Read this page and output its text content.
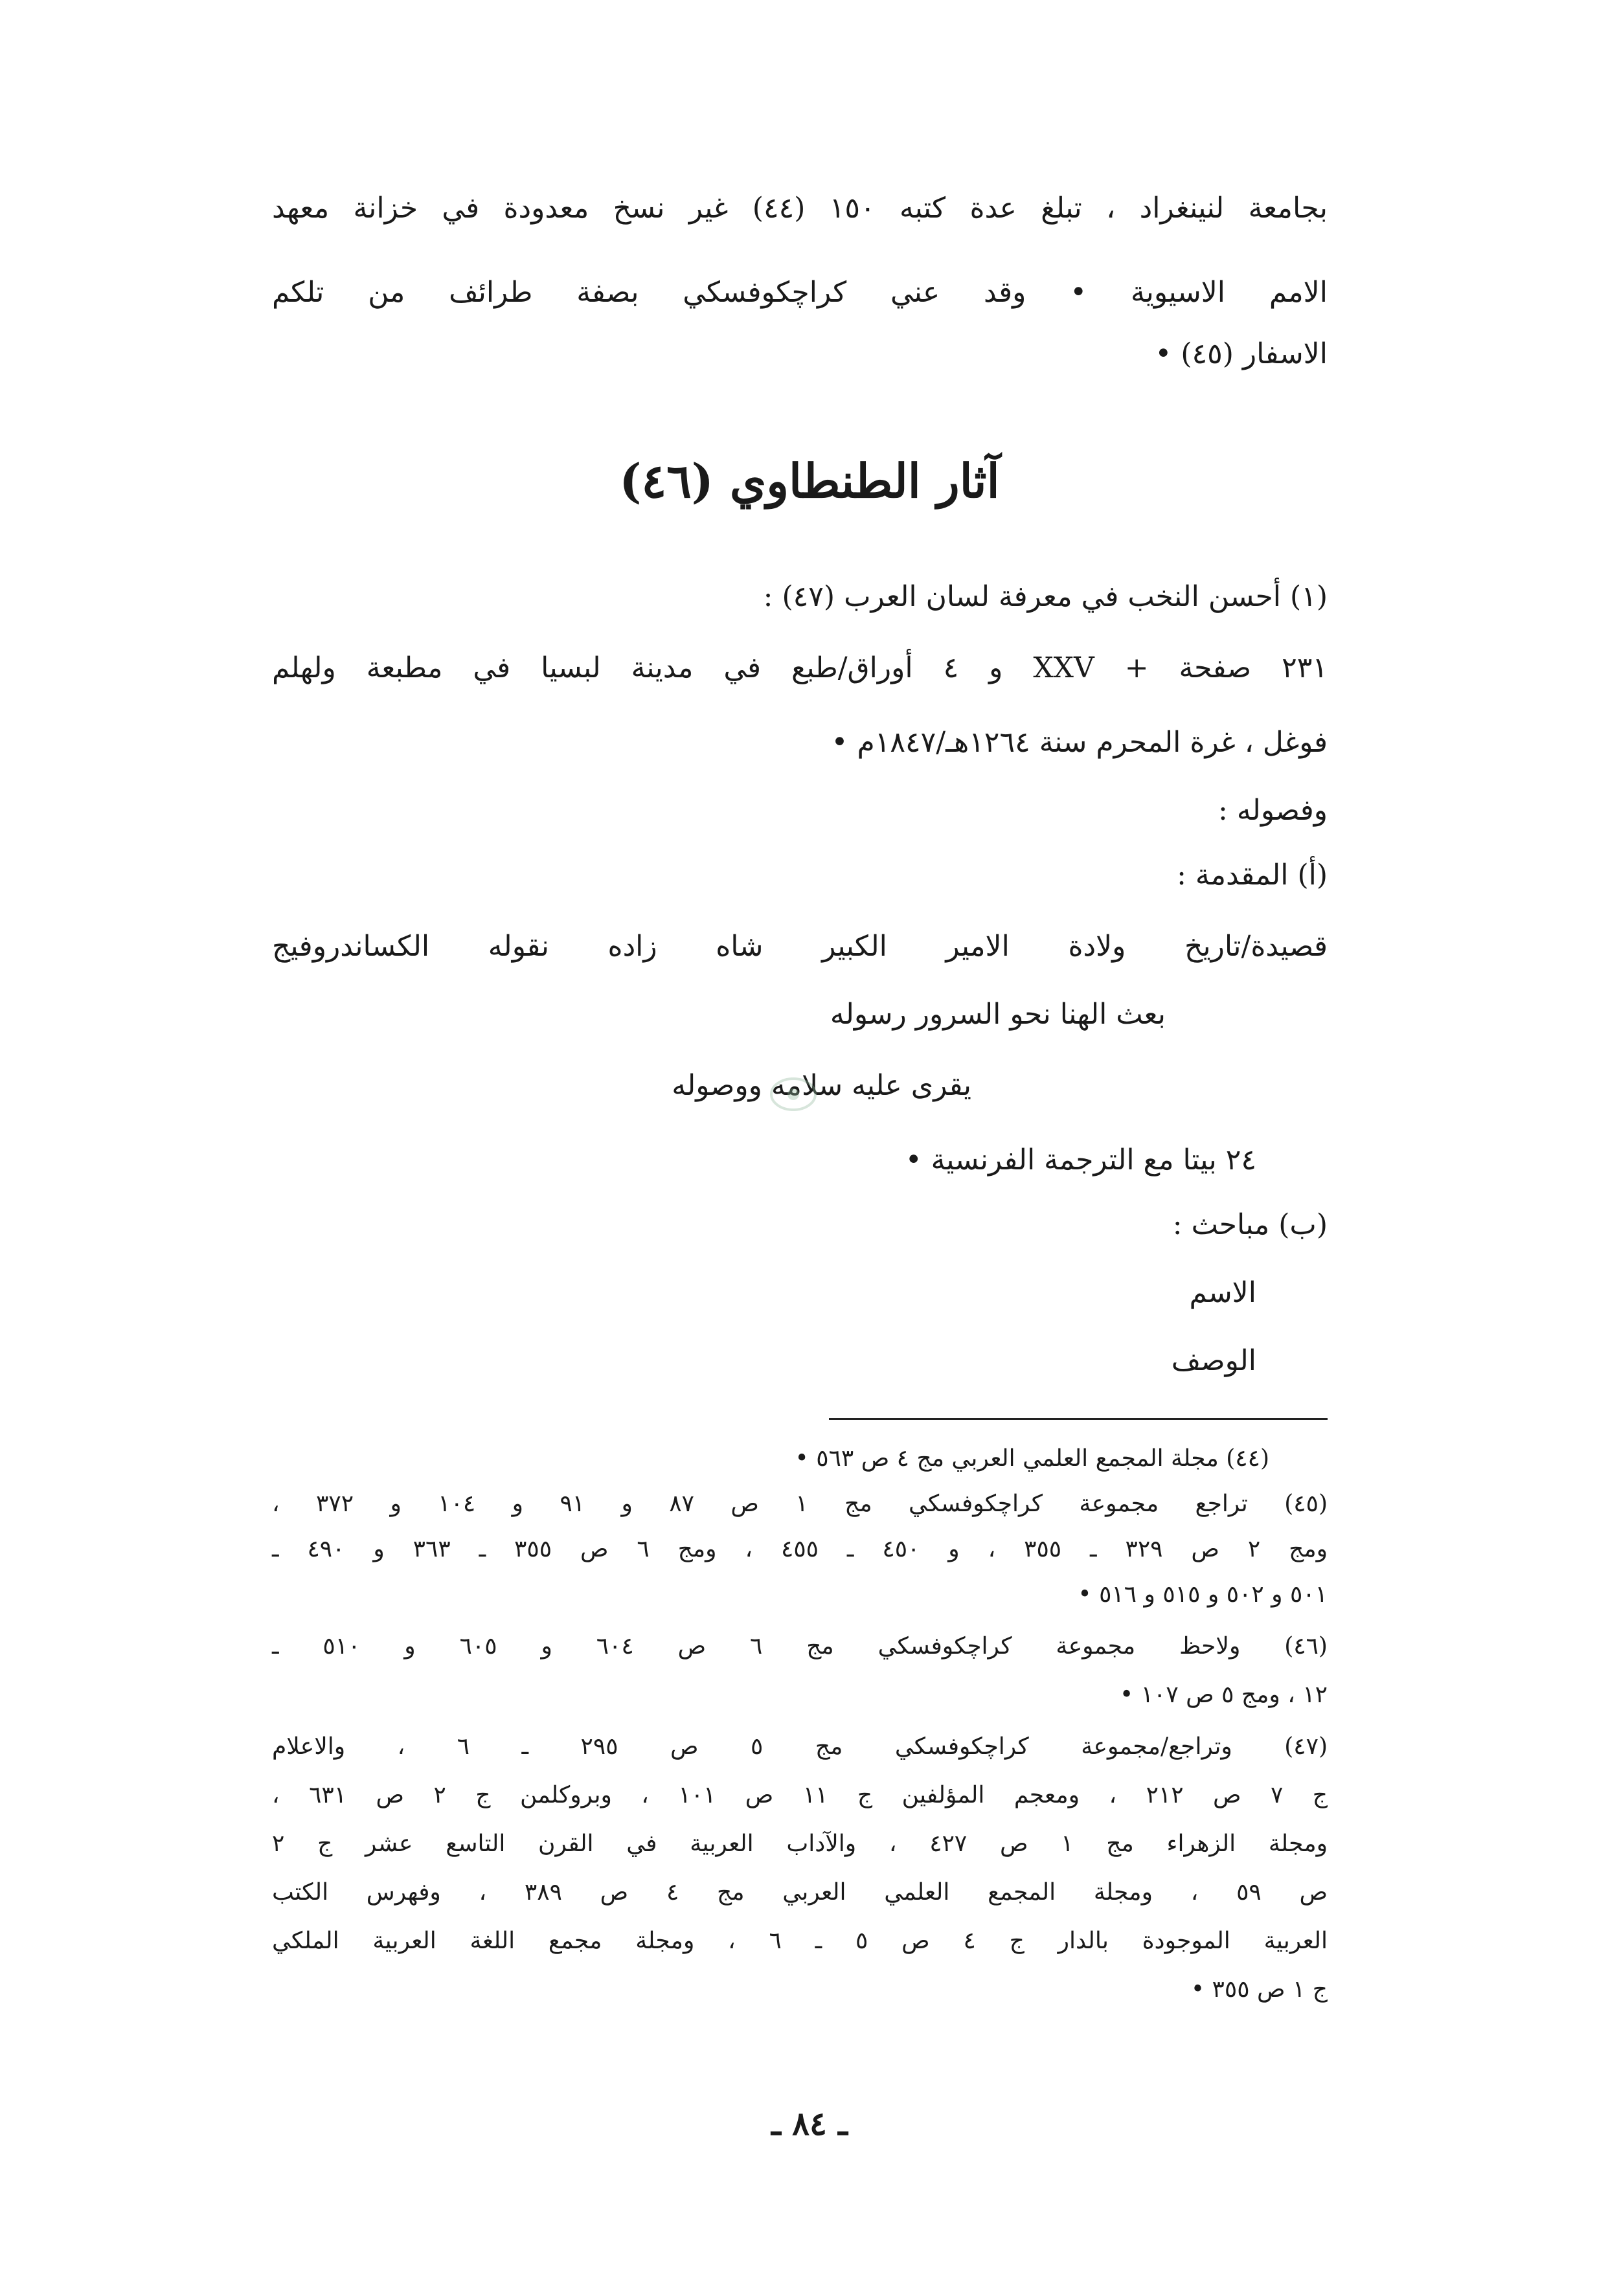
بجامعة لنينغراد ، تبلغ عدة كتبه ١٥٠ (٤٤) غير نسخ معدودة في خزانة معهد
الامم الاسيوية • وقد عني كراچكوفسكي بصفة طرائف من تلكم
الاسفار (٤٥) •
آثار الطنطاوي (٤٦)
(١) أحسن النخب في معرفة لسان العرب (٤٧) :
٢٣١ صفحة + XXV و ٤ أوراق/طبع في مدينة لبسيا في مطبعة ولهلم
فوغل ، غرة المحرم سنة ١٢٦٤هـ/١٨٤٧م •
وفصوله :
(أ) المقدمة :
قصيدة/تاريخ ولادة الامير الكبير شاه زاده نقوله الكساندروفيج
بعث الهنا نحو السرور رسوله
يقرى عليه سلامه ووصوله
٢٤ بيتا مع الترجمة الفرنسية •
(ب) مباحث :
الاسم
الوصف
(٤٤) مجلة المجمع العلمي العربي مج ٤ ص ٥٦٣ •
(٤٥) تراجع مجموعة كراچكوفسكي مج ١ ص ٨٧ و ٩١ و ١٠٤ و ٣٧٢ ،
ومج ٢ ص ٣٢٩ ـ ٣٥٥ ، و ٤٥٠ ـ ٤٥٥ ، ومج ٦ ص ٣٥٥ ـ ٣٦٣ و ٤٩٠ ـ
٥٠١ و ٥٠٢ و ٥١٥ و ٥١٦ •
(٤٦) ولاحظ مجموعة كراچكوفسكي مج ٦ ص ٦٠٤ و ٦٠٥ و ٥١٠ ـ
١٢ ، ومج ٥ ص ١٠٧ •
(٤٧) وتراجع/مجموعة كراچكوفسكي مج ٥ ص ٢٩٥ ـ ٦ ، والاعلام
ج ٧ ص ٢١٢ ، ومعجم المؤلفين ج ١١ ص ١٠١ ، وبروكلمن ج ٢ ص ٦٣١ ،
ومجلة الزهراء مج ١ ص ٤٢٧ ، والآداب العربية في القرن التاسع عشر ج ٢
ص ٥٩ ، ومجلة المجمع العلمي العربي مج ٤ ص ٣٨٩ ، وفهرس الكتب
العربية الموجودة بالدار ج ٤ ص ٥ ـ ٦ ، ومجلة مجمع اللغة العربية الملكي
ج ١ ص ٣٥٥ •
ـ ٨٤ ـ
